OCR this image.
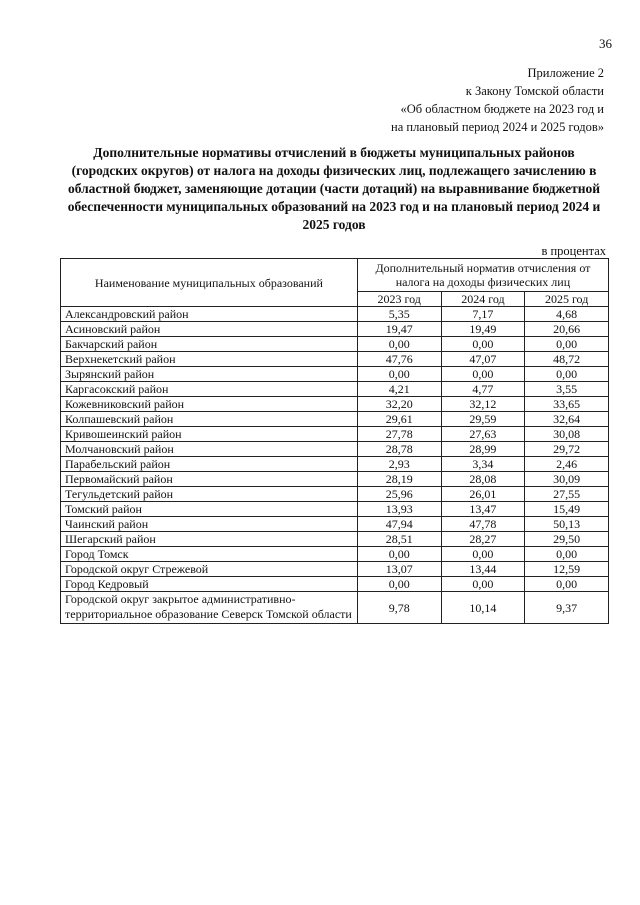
36
Приложение 2
к Закону Томской области
«Об областном бюджете на 2023 год и
на плановый период 2024 и 2025 годов»
Дополнительные нормативы отчислений в бюджеты муниципальных районов (городских округов) от налога на доходы физических лиц, подлежащего зачислению в областной бюджет, заменяющие дотации (части дотаций) на выравнивание бюджетной обеспеченности муниципальных образований на 2023 год и на плановый период 2024 и 2025 годов
в процентах
Наименование муниципальных образований	Дополнительный норматив отчисления от налога на доходы физических лиц		
	2023 год	2024 год	2025 год
Александровский район	5,35	7,17	4,68
Асиновский район	19,47	19,49	20,66
Бакчарский район	0,00	0,00	0,00
Верхнекетский район	47,76	47,07	48,72
Зырянский район	0,00	0,00	0,00
Каргасокский район	4,21	4,77	3,55
Кожевниковский район	32,20	32,12	33,65
Колпашевский район	29,61	29,59	32,64
Кривошеинский район	27,78	27,63	30,08
Молчановский район	28,78	28,99	29,72
Парабельский район	2,93	3,34	2,46
Первомайский район	28,19	28,08	30,09
Тегульдетский район	25,96	26,01	27,55
Томский район	13,93	13,47	15,49
Чаинский район	47,94	47,78	50,13
Шегарский район	28,51	28,27	29,50
Город Томск	0,00	0,00	0,00
Городской округ Стрежевой	13,07	13,44	12,59
Город Кедровый	0,00	0,00	0,00
Городской округ закрытое административно-территориальное образование Северск Томской области	9,78	10,14	9,37
